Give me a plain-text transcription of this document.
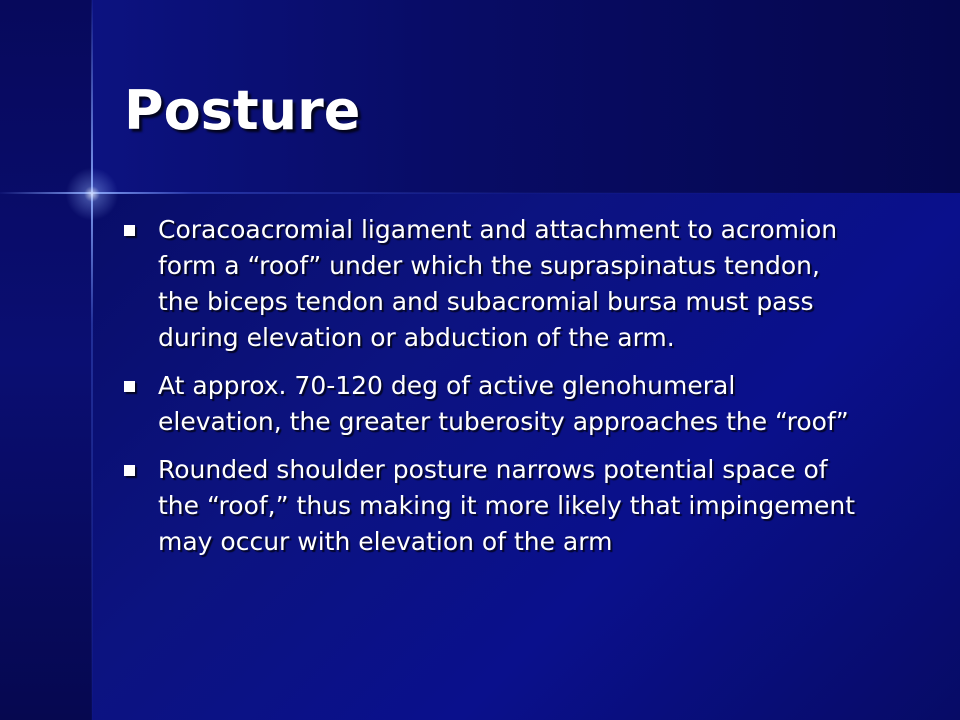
Posture
Coracoacromial ligament and attachment to acromion form a “roof” under which the supraspinatus tendon, the biceps tendon and subacromial bursa must pass during elevation or abduction of the arm.
At approx. 70-120 deg of active glenohumeral elevation, the greater tuberosity approaches the “roof”
Rounded shoulder posture narrows potential space of the “roof,” thus making it more likely that impingement may occur with elevation of the arm
